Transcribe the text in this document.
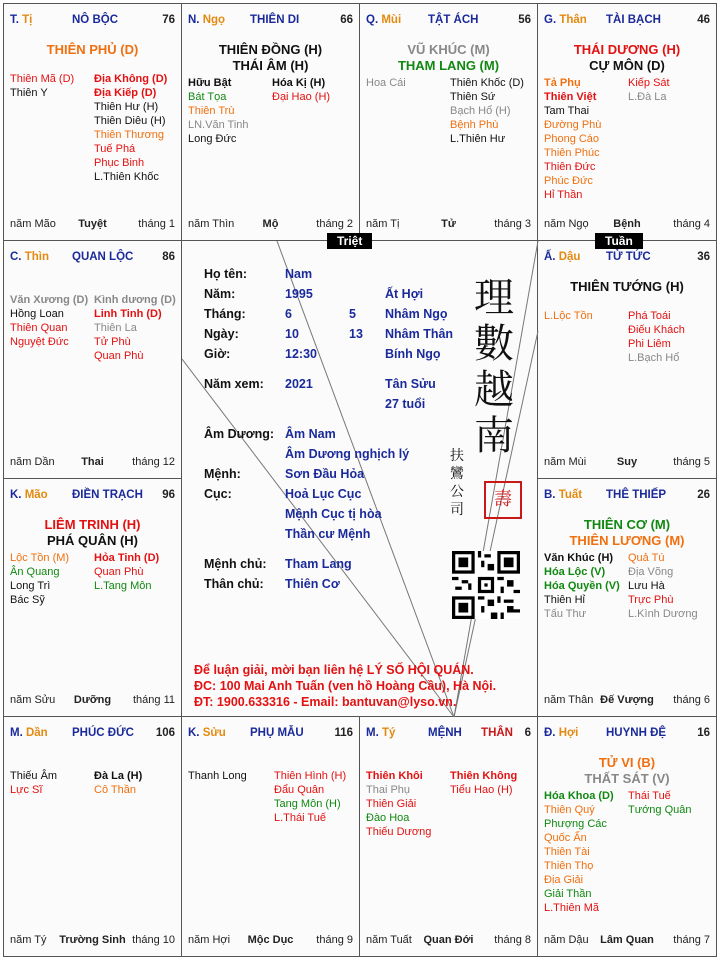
T. Tị	NÔ BỘC	76
THIÊN PHỦ (D)
Thiên Mã (D)
Thiên Y
Địa Không (D)
Địa Kiếp (D)
Thiên Hư (H)
Thiên Diêu (H)
Thiên Thương
Tuế Phá
Phục Binh
L.Thiên Khốc
năm Mão	Tuyệt	tháng 1
N. Ngọ THIÊN DI	66
THIÊN ĐỒNG (H)
THÁI ÂM (H)
Hữu Bật
Bát Tọa
Thiên Trù
LN.Văn Tinh
Long Đức
Hóa Kị (H)
Đại Hao (H)
năm Thìn	Mộ	tháng 2
Q. Mùi TẬT ÁCH	56
VŨ KHÚC (M)
THAM LANG (M)
Hoa Cái	Thiên Khốc (D)
Thiên Sứ
Bạch Hổ (H)
Bệnh Phù
L.Thiên Hư
năm Tị	Tử	tháng 3
G. Thân TÀI BẠCH	46
THÁI DƯƠNG (H)
CỰ MÔN (D)
Tả Phụ
Thiên Việt
Tam Thai
Đường Phù
Phong Cáo
Thiên Phúc
Thiên Đức
Phúc Đức
Hỉ Thần
Kiếp Sát
L.Đà La
năm Ngọ	Bệnh	tháng 4
C. Thìn QUAN LỘC	86
Văn Xương (D)
Hồng Loan
Thiên Quan
Nguyệt Đức
Kình dương (D)
Linh Tinh (D)
Thiên La
Tử Phù
Quan Phù
năm Dần	Thai	tháng 12
Ấ. Dậu TỬ TỨC	36
THIÊN TƯỚNG (H)
L.Lộc Tồn	Phá Toái
Điếu Khách
Phi Liêm
L.Bạch Hổ
năm Mùi	Suy	tháng 5
K. Mão ĐIỀN TRẠCH 96
LIÊM TRINH (H)
PHÁ QUÂN (H)
Lộc Tồn (M)
Ân Quang
Long Trì
Bác Sỹ
Hỏa Tinh (D)
Quan Phù
L.Tang Môn
năm Sửu	Dưỡng	tháng 11
B. Tuất THÊ THIẾP	26
THIÊN CƠ (M)
THIÊN LƯƠNG (M)
Văn Khúc (H)
Hóa Lộc (V)
Hóa Quyền (V)
Thiên Hỉ
Tấu Thư
Quả Tú
Địa Võng
Lưu Hà
Trực Phù
L.Kình Dương
năm Thân Đế Vượng	tháng 6
M. Dần PHÚC ĐỨC 106
Thiếu Âm
Lực Sĩ
Đà La (H)
Cô Thần
năm Tý	Trường Sinh tháng 10
K. Sửu PHỤ MẪU	116
Thanh Long Thiên Hình (H)
Đẩu Quân
Tang Môn (H)
L.Thái Tuế
năm Hợi	Mộc Dục	tháng 9
M. Tý	MỆNH THÂN 6
Thiên Khôi
Thai Phụ
Thiên Giải
Đào Hoa
Thiếu Dương
Thiên Không
Tiểu Hao (H)
năm Tuất	Quan Đới	tháng 8
Đ. Hợi HUYNH ĐỆ	16
TỬ VI (B)
THẤT SÁT (V)
Hóa Khoa (D)
Thiên Quý
Phượng Các
Quốc Ấn
Thiên Tài
Thiên Thọ
Địa Giải
Giải Thần
L.Thiên Mã
Thái Tuế
Tướng Quân
năm Dậu	Lâm Quan	tháng 7
Họ tên:	Nam
Năm:	1995	Ất Hợi
Tháng:	6	5 Nhâm Ngọ
Ngày:	10	13 Nhâm Thân
Giờ:	12:30	Bính Ngọ
Năm xem: 2021	Tân Sửu
27 tuổi
Âm Dương: Âm Nam
Âm Dương nghịch lý
Mệnh:	Sơn Đầu Hỏa
Cục:	Hoả Lục Cục
Mệnh Cục tị hòa
Thần cư Mệnh
Mệnh chủ: Tham Lang
Thân chủ: Thiên Cơ
理
數
越
南
扶
鸞
公
司	壽
Để luận giải, mời bạn liên hệ LÝ SỐ HỘI QUÁN.
ĐC: 100 Mai Anh Tuấn (ven hồ Hoàng Cầu), Hà Nội.
ĐT: 1900.633316 - Email: bantuvan@lyso.vn.
Triệt	Tuần
